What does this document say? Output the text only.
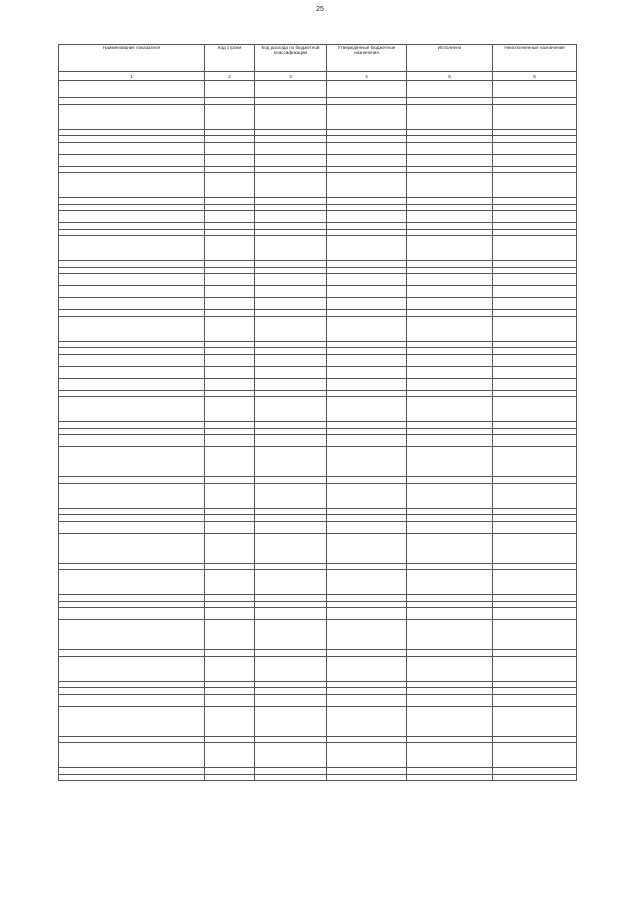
25
Наименование показателя	Код строки	Код расхода по бюджетной классификации	Утвержденные бюджетные назначения	Исполнено	Неисполненные назначения
1	2	3	4	5	6
